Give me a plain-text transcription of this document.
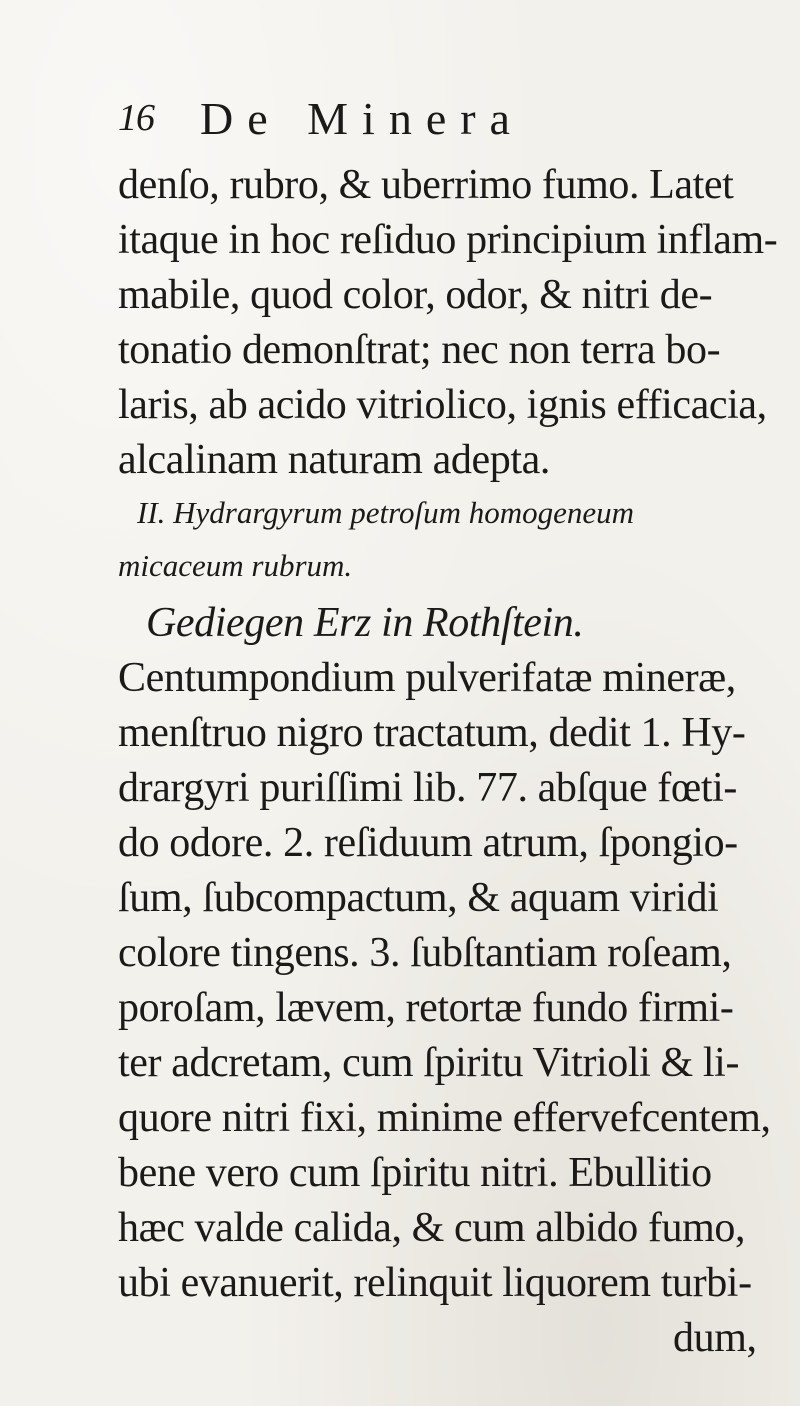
16 De Minera
denſo, rubro, & uberrimo fumo. Latet
itaque in hoc reſiduo principium inflam-
mabile, quod color, odor, & nitri de-
tonatio demonſtrat; nec non terra bo-
laris, ab acido vitriolico, ignis efficacia,
alcalinam naturam adepta.
II. Hydrargyrum petroſum homogeneum
micaceum rubrum.
Gediegen Erz in Rothſtein.
Centumpondium pulverifatæ mineræ,
menſtruo nigro tractatum, dedit 1. Hy-
drargyri puriſſimi lib. 77. abſque fœti-
do odore. 2. reſiduum atrum, ſpongio-
ſum, ſubcompactum, & aquam viridi
colore tingens. 3. ſubſtantiam roſeam,
poroſam, lævem, retortæ fundo firmi-
ter adcretam, cum ſpiritu Vitrioli & li-
quore nitri fixi, minime effervefcentem,
bene vero cum ſpiritu nitri. Ebullitio
hæc valde calida, & cum albido fumo,
ubi evanuerit, relinquit liquorem turbi-
dum,
